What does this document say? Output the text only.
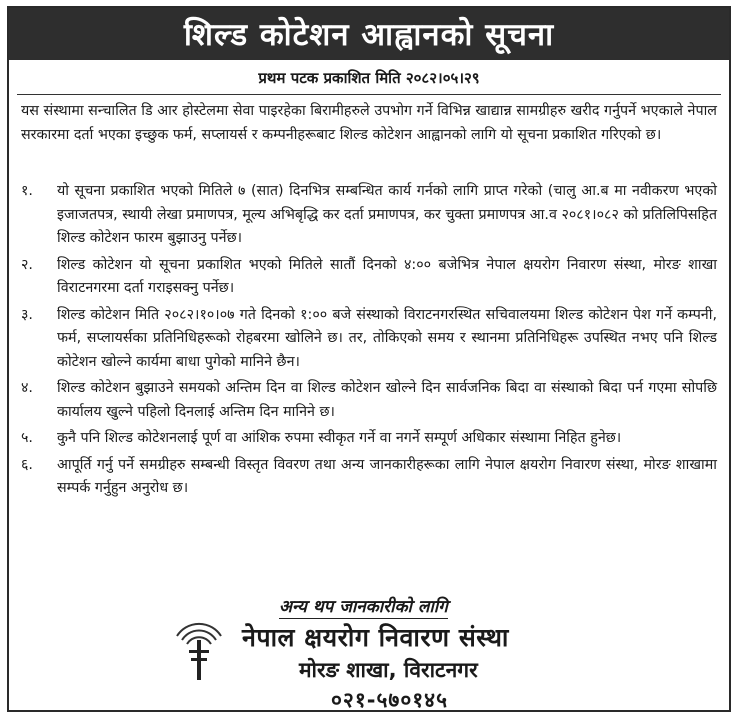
शिल्ड कोटेशन आह्वानको सूचना
प्रथम पटक प्रकाशित मिति २०८२।०५।२९
यस संस्थामा सन्चालित डि आर होस्टेलमा सेवा पाइरहेका बिरामीहरुले उपभोग गर्ने विभिन्न खाद्यान्न सामग्रीहरु खरीद गर्नुपर्ने भएकाले नेपाल सरकारमा दर्ता भएका इच्छुक फर्म, सप्लायर्स र कम्पनीहरूबाट शिल्ड कोटेशन आह्वानको लागि यो सूचना प्रकाशित गरिएको छ।
१.	यो सूचना प्रकाशित भएको मितिले ७ (सात) दिनभित्र सम्बन्धित कार्य गर्नको लागि प्राप्त गरेको (चालु आ.ब मा नवीकरण भएको इजाजतपत्र, स्थायी लेखा प्रमाणपत्र, मूल्य अभिबृद्धि कर दर्ता प्रमाणपत्र, कर चुक्ता प्रमाणपत्र आ.व २०८१।०८२ को प्रतिलिपिसहित शिल्ड कोटेशन फारम बुझाउनु पर्नेछ।
२.	शिल्ड कोटेशन यो सूचना प्रकाशित भएको मितिले सातौं दिनको ४:०० बजेभित्र नेपाल क्षयरोग निवारण संस्था, मोरङ शाखा विराटनगरमा दर्ता गराइसक्नु पर्नेछ।
३.	शिल्ड कोटेशन मिति २०८२।१०।०७ गते दिनको १:०० बजे संस्थाको विराटनगरस्थित सचिवालयमा शिल्ड कोटेशन पेश गर्ने कम्पनी, फर्म, सप्लायर्सका प्रतिनिधिहरूको रोहबरमा खोलिने छ। तर, तोकिएको समय र स्थानमा प्रतिनिधिहरू उपस्थित नभए पनि शिल्ड कोटेशन खोल्ने कार्यमा बाधा पुगेको मानिने छैन।
४.	शिल्ड कोटेशन बुझाउने समयको अन्तिम दिन वा शिल्ड कोटेशन खोल्ने दिन सार्वजनिक बिदा वा संस्थाको बिदा पर्न गएमा सोपछि कार्यालय खुल्ने पहिलो दिनलाई अन्तिम दिन मानिने छ।
५.	कुनै पनि शिल्ड कोटेशनलाई पूर्ण वा आंशिक रुपमा स्वीकृत गर्ने वा नगर्ने सम्पूर्ण अधिकार संस्थामा निहित हुनेछ।
६.	आपूर्ति गर्नु पर्ने समग्रीहरु सम्बन्धी विस्तृत विवरण तथा अन्य जानकारीहरूका लागि नेपाल क्षयरोग निवारण संस्था, मोरङ शाखामा सम्पर्क गर्नुहुन अनुरोध छ।
अन्य थप जानकारीको लागि
नेपाल क्षयरोग निवारण संस्था
मोरङ शाखा, विराटनगर
०२१-५७०१४५
